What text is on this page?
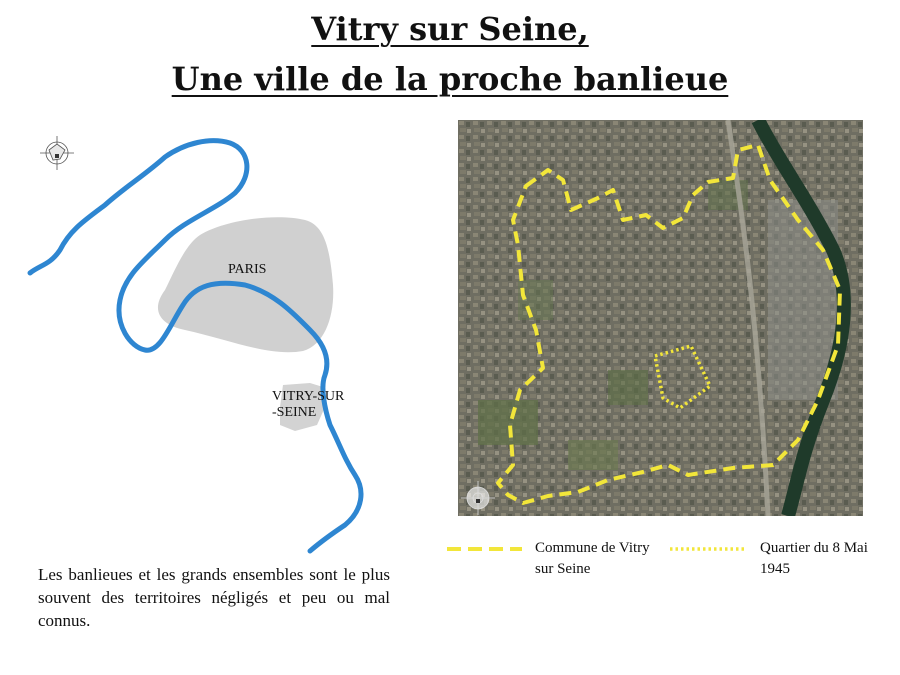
Vitry sur Seine,
Une ville de la proche banlieue
PARIS
VITRY-SUR
-SEINE
Les banlieues et les grands ensembles sont le plus souvent des territoires négligés et peu ou mal connus.
Commune de Vitry sur Seine
Quartier du 8 Mai 1945
